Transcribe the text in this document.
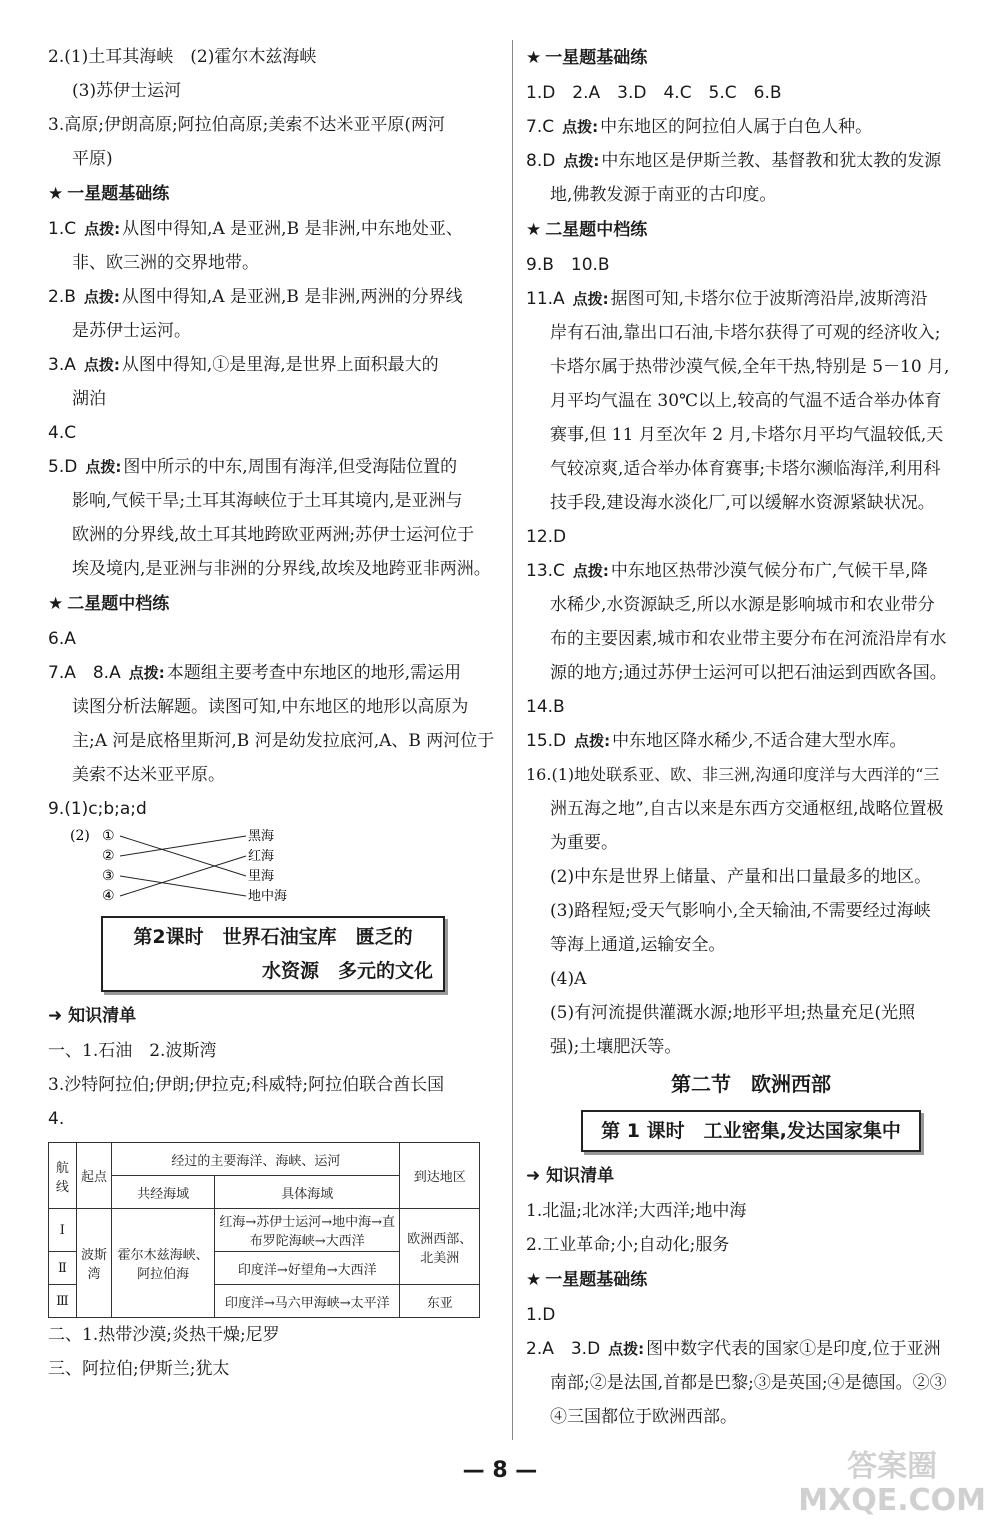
2.(1)土耳其海峡　(2)霍尔木兹海峡
(3)苏伊士运河
3.高原;伊朗高原;阿拉伯高原;美索不达米亚平原(两河
平原)
★ 一星题基础练
1.C 点拨: 从图中得知,A 是亚洲,B 是非洲,中东地处亚、
非、欧三洲的交界地带。
2.B 点拨: 从图中得知,A 是亚洲,B 是非洲,两洲的分界线
是苏伊士运河。
3.A 点拨: 从图中得知,①是里海,是世界上面积最大的
湖泊
4.C
5.D 点拨: 图中所示的中东,周围有海洋,但受海陆位置的
影响,气候干旱;土耳其海峡位于土耳其境内,是亚洲与
欧洲的分界线,故土耳其地跨欧亚两洲;苏伊士运河位于
埃及境内,是亚洲与非洲的分界线,故埃及地跨亚非两洲。
★ 二星题中档练
6.A
7.A　8.A 点拨: 本题组主要考查中东地区的地形,需运用
读图分析法解题。读图可知,中东地区的地形以高原为
主;A 河是底格里斯河,B 河是幼发拉底河,A、B 两河位于
美索不达米亚平原。
9.(1)c;b;a;d
(2) ①
②
③
④
黑海
红海
里海
地中海
第2课时　世界石油宝库　匮乏的
水资源　多元的文化
➜ 知识清单
一、1.石油　2.波斯湾
3.沙特阿拉伯;伊朗;伊拉克;科威特;阿拉伯联合酋长国
4.
航线	起点	经过的主要海洋、海峡、运河		到达地区
		共经海域	具体海域	
Ⅰ	波斯湾	霍尔木兹海峡、阿拉伯海	红海→苏伊士运河→地中海→直布罗陀海峡→大西洋	欧洲西部、北美洲
Ⅱ			印度洋→好望角→大西洋	
Ⅲ			印度洋→马六甲海峡→太平洋	东亚
二、1.热带沙漠;炎热干燥;尼罗
三、阿拉伯;伊斯兰;犹太
★ 一星题基础练
1.D　2.A　3.D　4.C　5.C　6.B
7.C 点拨: 中东地区的阿拉伯人属于白色人种。
8.D 点拨: 中东地区是伊斯兰教、基督教和犹太教的发源
地,佛教发源于南亚的古印度。
★ 二星题中档练
9.B　10.B
11.A 点拨: 据图可知,卡塔尔位于波斯湾沿岸,波斯湾沿
岸有石油,靠出口石油,卡塔尔获得了可观的经济收入;
卡塔尔属于热带沙漠气候,全年干热,特别是 5－10 月,
月平均气温在 30℃以上,较高的气温不适合举办体育
赛事,但 11 月至次年 2 月,卡塔尔月平均气温较低,天
气较凉爽,适合举办体育赛事;卡塔尔濒临海洋,利用科
技手段,建设海水淡化厂,可以缓解水资源紧缺状况。
12.D
13.C 点拨: 中东地区热带沙漠气候分布广,气候干旱,降
水稀少,水资源缺乏,所以水源是影响城市和农业带分
布的主要因素,城市和农业带主要分布在河流沿岸有水
源的地方;通过苏伊士运河可以把石油运到西欧各国。
14.B
15.D 点拨: 中东地区降水稀少,不适合建大型水库。
16.(1)地处联系亚、欧、非三洲,沟通印度洋与大西洋的“三
洲五海之地”,自古以来是东西方交通枢纽,战略位置极
为重要。
(2)中东是世界上储量、产量和出口量最多的地区。
(3)路程短;受天气影响小,全天输油,不需要经过海峡
等海上通道,运输安全。
(4)A
(5)有河流提供灌溉水源;地形平坦;热量充足(光照
强);土壤肥沃等。
第二节　欧洲西部
第 1 课时　工业密集,发达国家集中
➜ 知识清单
1.北温;北冰洋;大西洋;地中海
2.工业革命;小;自动化;服务
★ 一星题基础练
1.D
2.A　3.D 点拨: 图中数字代表的国家①是印度,位于亚洲
南部;②是法国,首都是巴黎;③是英国;④是德国。②③
④三国都位于欧洲西部。
— 8 —	答案圈
MXQE.COM
